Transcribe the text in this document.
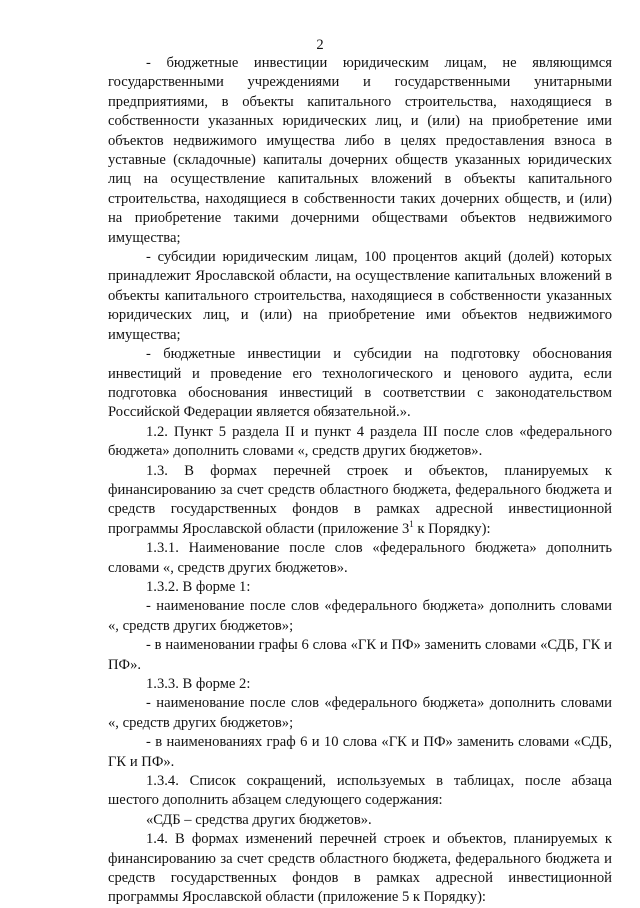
2

- бюджетные инвестиции юридическим лицам, не являющимся государственными учреждениями и государственными унитарными предприятиями, в объекты капитального строительства, находящиеся в собственности указанных юридических лиц, и (или) на приобретение ими объектов недвижимого имущества либо в целях предоставления взноса в уставные (складочные) капиталы дочерних обществ указанных юридических лиц на осуществление капитальных вложений в объекты капитального строительства, находящиеся в собственности таких дочерних обществ, и (или) на приобретение такими дочерними обществами объектов недвижимого имущества;

- субсидии юридическим лицам, 100 процентов акций (долей) которых принадлежит Ярославской области, на осуществление капитальных вложений в объекты капитального строительства, находящиеся в собственности указанных юридических лиц, и (или) на приобретение ими объектов недвижимого имущества;

- бюджетные инвестиции и субсидии на подготовку обоснования инвестиций и проведение его технологического и ценового аудита, если подготовка обоснования инвестиций в соответствии с законодательством Российской Федерации является обязательной.».

1.2. Пункт 5 раздела II и пункт 4 раздела III после слов «федерального бюджета» дополнить словами «, средств других бюджетов».

1.3. В формах перечней строек и объектов, планируемых к финансированию за счет средств областного бюджета, федерального бюджета и средств государственных фондов в рамках адресной инвестиционной программы Ярославской области (приложение $3^1$ к Порядку):

1.3.1. Наименование после слов «федерального бюджета» дополнить словами «, средств других бюджетов».

1.3.2. В форме 1:

- наименование после слов «федерального бюджета» дополнить словами «, средств других бюджетов»;

- в наименовании графы 6 слова «ГК и ПФ» заменить словами «СДБ, ГК и ПФ».

1.3.3. В форме 2:

- наименование после слов «федерального бюджета» дополнить словами «, средств других бюджетов»;

- в наименованиях граф 6 и 10 слова «ГК и ПФ» заменить словами «СДБ, ГК и ПФ».

1.3.4. Список сокращений, используемых в таблицах, после абзаца шестого дополнить абзацем следующего содержания:

«СДБ – средства других бюджетов».

1.4. В формах изменений перечней строек и объектов, планируемых к финансированию за счет средств областного бюджета, федерального бюджета и средств государственных фондов в рамках адресной инвестиционной программы Ярославской области (приложение 5 к Порядку):
